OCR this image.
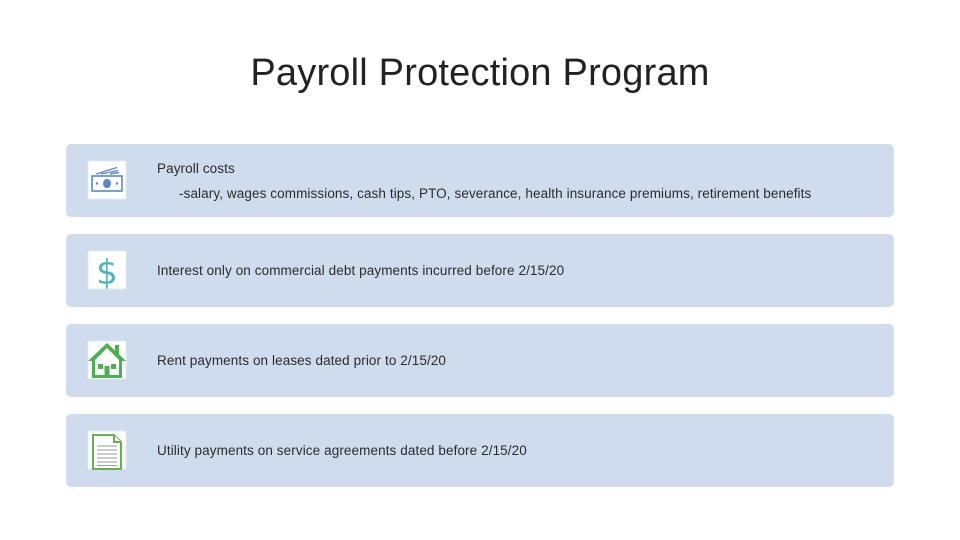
Payroll Protection Program
Payroll costs
-salary, wages commissions, cash tips, PTO, severance, health insurance premiums, retirement benefits
$	Interest only on commercial debt payments incurred before 2/15/20
Rent payments on leases dated prior to 2/15/20
Utility payments on service agreements dated before 2/15/20
